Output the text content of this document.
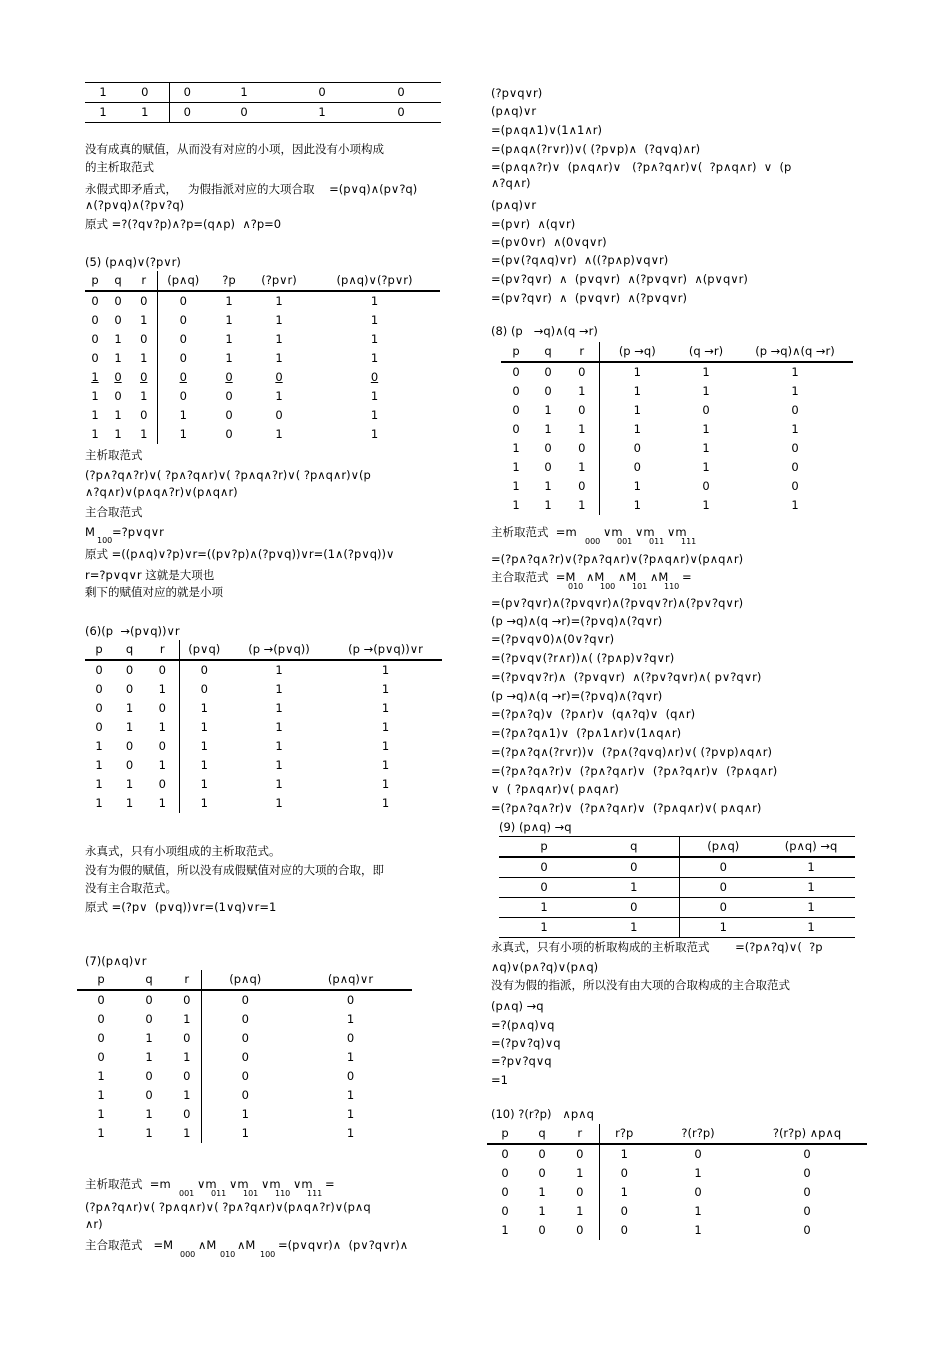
1	0	0	1	0	0
1	1	0	0	1	0
(5) (p∧q)∨(?p∨r)
p	q	r	(p∧q)	?p	(?p∨r)	(p∧q)∨(?p∨r)
0	0	0	0	1	1	1
0	0	1	0	1	1	1
0	1	0	0	1	1	1
0	1	1	0	1	1	1
1	0	0	0	0	0	0
1	0	1	0	0	1	1
1	1	0	1	0	0	1
1	1	1	1	0	1	1
(6)(p  →(p∨q))∨r
p	q	r	(p∨q)	(p →(p∨q))	(p →(p∨q))∨r
0	0	0	0	1	1
0	0	1	0	1	1
0	1	0	1	1	1
0	1	1	1	1	1
1	0	0	1	1	1
1	0	1	1	1	1
1	1	0	1	1	1
1	1	1	1	1	1
(7)(p∧q)∨r
p	q	r	(p∧q)	(p∧q)∨r
0	0	0	0	0
0	0	1	0	1
0	1	0	0	0
0	1	1	0	1
1	0	0	0	0
1	0	1	0	1
1	1	0	1	1
1	1	1	1	1
没有成真的赋值，从而没有对应的小项，因此没有小项构成
的主析取范式
永假式即矛盾式，   为假指派对应的大项合取    =(p∨q)∧(p∨?q)
∧(?p∨q)∧(?p∨?q)
原式 =?(?q∨?p)∧?p=(q∧p)  ∧?p=0
主析取范式
(?p∧?q∧?r)∨( ?p∧?q∧r)∨( ?p∧q∧?r)∨( ?p∧q∧r)∨(p
∧?q∧r)∨(p∧q∧?r)∨(p∧q∧r)
主合取范式
M
100
=?p∨q∨r
原式 =((p∧q)∨?p)∨r=((p∨?p)∧(?p∨q))∨r=(1∧(?p∨q))∨
r=?p∨q∨r 这就是大项也
剩下的赋值对应的就是小项
永真式，只有小项组成的主析取范式。
没有为假的赋值，所以没有成假赋值对应的大项的合取，即
没有主合取范式。
原式 =(?p∨  (p∨q))∨r=(1∨q)∨r=1
主析取范式  =m
001
∨m
011
∨m
101
∨m
110
∨m
111
=
(?p∧?q∧r)∨( ?p∧q∧r)∨( ?p∧?q∧r)∨(p∧q∧?r)∨(p∧q
∧r)
主合取范式   =M
000
∧M
010
∧M
100
=(p∨q∨r)∧  (p∨?q∨r)∧
(8) (p   →q)∧(q →r)
p	q	r	(p →q)	(q →r)	(p →q)∧(q →r)
0	0	0	1	1	1
0	0	1	1	1	1
0	1	0	1	0	0
0	1	1	1	1	1
1	0	0	0	1	0
1	0	1	0	1	0
1	1	0	1	0	0
1	1	1	1	1	1
(9) (p∧q) →q
p	q	(p∧q)	(p∧q) →q
0	0	0	1
0	1	0	1
1	0	0	1
1	1	1	1
(10) ?(r?p)   ∧p∧q
p	q	r	r?p	?(r?p)	?(r?p) ∧p∧q
0	0	0	1	0	0
0	0	1	0	1	0
0	1	0	1	0	0
0	1	1	0	1	0
1	0	0	0	1	0
(?p∨q∨r)
(p∧q)∨r
=(p∧q∧1)∨(1∧1∧r)
=(p∧q∧(?r∨r))∨( (?p∨p)∧  (?q∨q)∧r)
=(p∧q∧?r)∨  (p∧q∧r)∨   (?p∧?q∧r)∨(  ?p∧q∧r)  ∨  (p
∧?q∧r)
(p∧q)∨r
=(p∨r)  ∧(q∨r)
=(p∨0∨r)  ∧(0∨q∨r)
=(p∨(?q∧q)∨r)  ∧((?p∧p)∨q∨r)
=(p∨?q∨r)  ∧  (p∨q∨r)  ∧(?p∨q∨r)  ∧(p∨q∨r)
=(p∨?q∨r)  ∧  (p∨q∨r)  ∧(?p∨q∨r)
主析取范式  =m
000
∨m
001
∨m
011
∨m
111
=(?p∧?q∧?r)∨(?p∧?q∧r)∨(?p∧q∧r)∨(p∧q∧r)
主合取范式  =M
010
∧M
100
∧M
101
∧M
110
=
=(p∨?q∨r)∧(?p∨q∨r)∧(?p∨q∨?r)∧(?p∨?q∨r)
(p →q)∧(q →r)=(?p∨q)∧(?q∨r)
=(?p∨q∨0)∧(0∨?q∨r)
=(?p∨q∨(?r∧r))∧( (?p∧p)∨?q∨r)
=(?p∨q∨?r)∧  (?p∨q∨r)  ∧(?p∨?q∨r)∧( p∨?q∨r)
(p →q)∧(q →r)=(?p∨q)∧(?q∨r)
=(?p∧?q)∨  (?p∧r)∨  (q∧?q)∨  (q∧r)
=(?p∧?q∧1)∨  (?p∧1∧r)∨(1∧q∧r)
=(?p∧?q∧(?r∨r))∨  (?p∧(?q∨q)∧r)∨( (?p∨p)∧q∧r)
=(?p∧?q∧?r)∨  (?p∧?q∧r)∨  (?p∧?q∧r)∨  (?p∧q∧r)
∨  ( ?p∧q∧r)∨( p∧q∧r)
=(?p∧?q∧?r)∨  (?p∧?q∧r)∨  (?p∧q∧r)∨( p∧q∧r)
永真式，只有小项的析取构成的主析取范式       =(?p∧?q)∨(  ?p
∧q)∨(p∧?q)∨(p∧q)
没有为假的指派，所以没有由大项的合取构成的主合取范式
(p∧q) →q
=?(p∧q)∨q
=(?p∨?q)∨q
=?p∨?q∨q
=1
